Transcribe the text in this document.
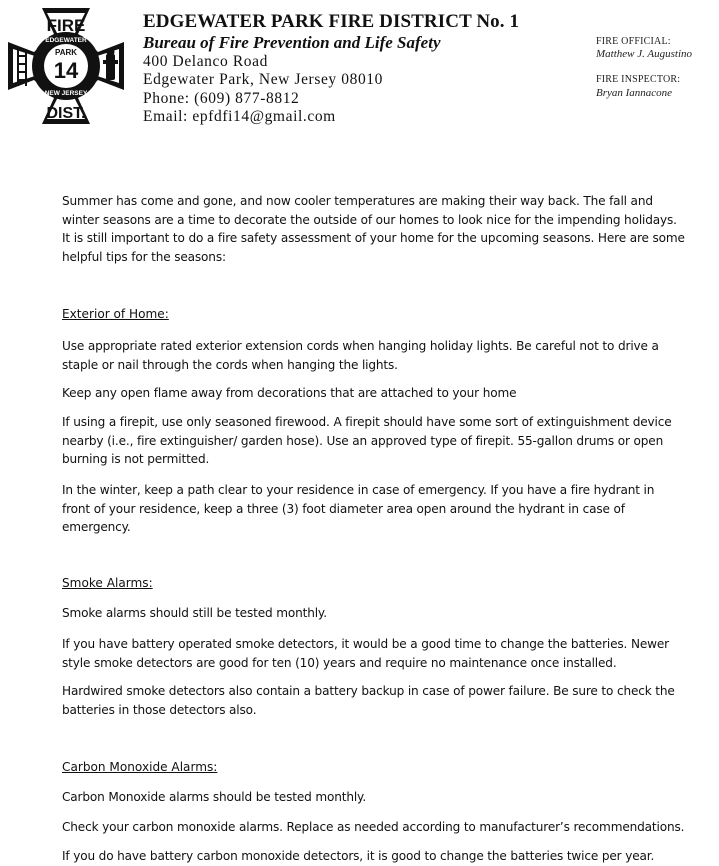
FIRE
EDGEWATER
PARK
14
NEW JERSEY
DIST.
EDGEWATER PARK FIRE DISTRICT No. 1
Bureau of Fire Prevention and Life Safety
400 Delanco Road
Edgewater Park, New Jersey 08010
Phone: (609) 877-8812
Email: epfdfi14@gmail.com
FIRE OFFICIAL:
Matthew J. Augustino
FIRE INSPECTOR:
Bryan Iannacone
Summer has come and gone, and now cooler temperatures are making their way back. The fall and
winter seasons are a time to decorate the outside of our homes to look nice for the impending holidays.
It is still important to do a fire safety assessment of your home for the upcoming seasons. Here are some
helpful tips for the seasons:
Exterior of Home:
Use appropriate rated exterior extension cords when hanging holiday lights. Be careful not to drive a
staple or nail through the cords when hanging the lights.
Keep any open flame away from decorations that are attached to your home
If using a firepit, use only seasoned firewood. A firepit should have some sort of extinguishment device
nearby (i.e., fire extinguisher/ garden hose). Use an approved type of firepit. 55-gallon drums or open
burning is not permitted.
In the winter, keep a path clear to your residence in case of emergency. If you have a fire hydrant in
front of your residence, keep a three (3) foot diameter area open around the hydrant in case of
emergency.
Smoke Alarms:
Smoke alarms should still be tested monthly.
If you have battery operated smoke detectors, it would be a good time to change the batteries. Newer
style smoke detectors are good for ten (10) years and require no maintenance once installed.
Hardwired smoke detectors also contain a battery backup in case of power failure. Be sure to check the
batteries in those detectors also.
Carbon Monoxide Alarms:
Carbon Monoxide alarms should be tested monthly.
Check your carbon monoxide alarms. Replace as needed according to manufacturer’s recommendations.
If you do have battery carbon monoxide detectors, it is good to change the batteries twice per year.
